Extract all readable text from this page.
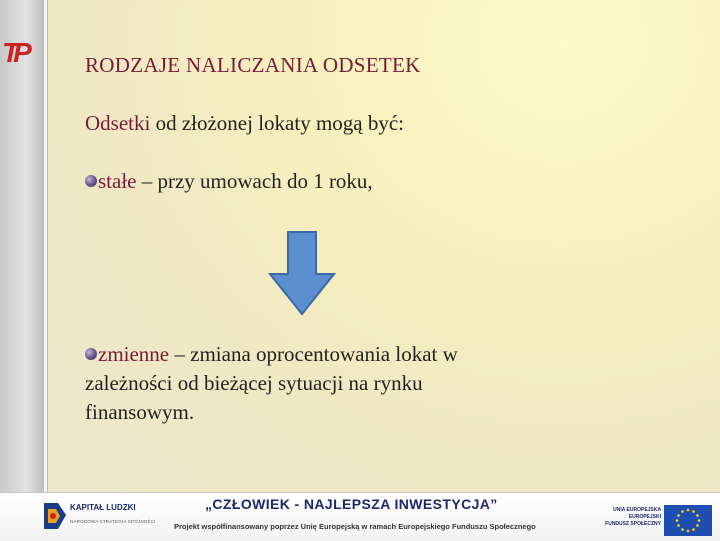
TP	RODZAJE NALICZANIA ODSETEK
Odsetki od złożonej lokaty mogą być:
stałe – przy umowach do 1 roku,
zmienne – zmiana oprocentowania lokat w zależności od bieżącej sytuacji na rynku finansowym.
KAPITAŁ LUDZKI
NARODOWA STRATEGIA SPÓJNOŚCI
„CZŁOWIEK - NAJLEPSZA INWESTYCJA”
Projekt współfinansowany poprzez Unię Europejską w ramach Europejskiego Funduszu Społecznego
UNIA EUROPEJSKA
EUROPEJSKI
FUNDUSZ SPOŁECZNY
